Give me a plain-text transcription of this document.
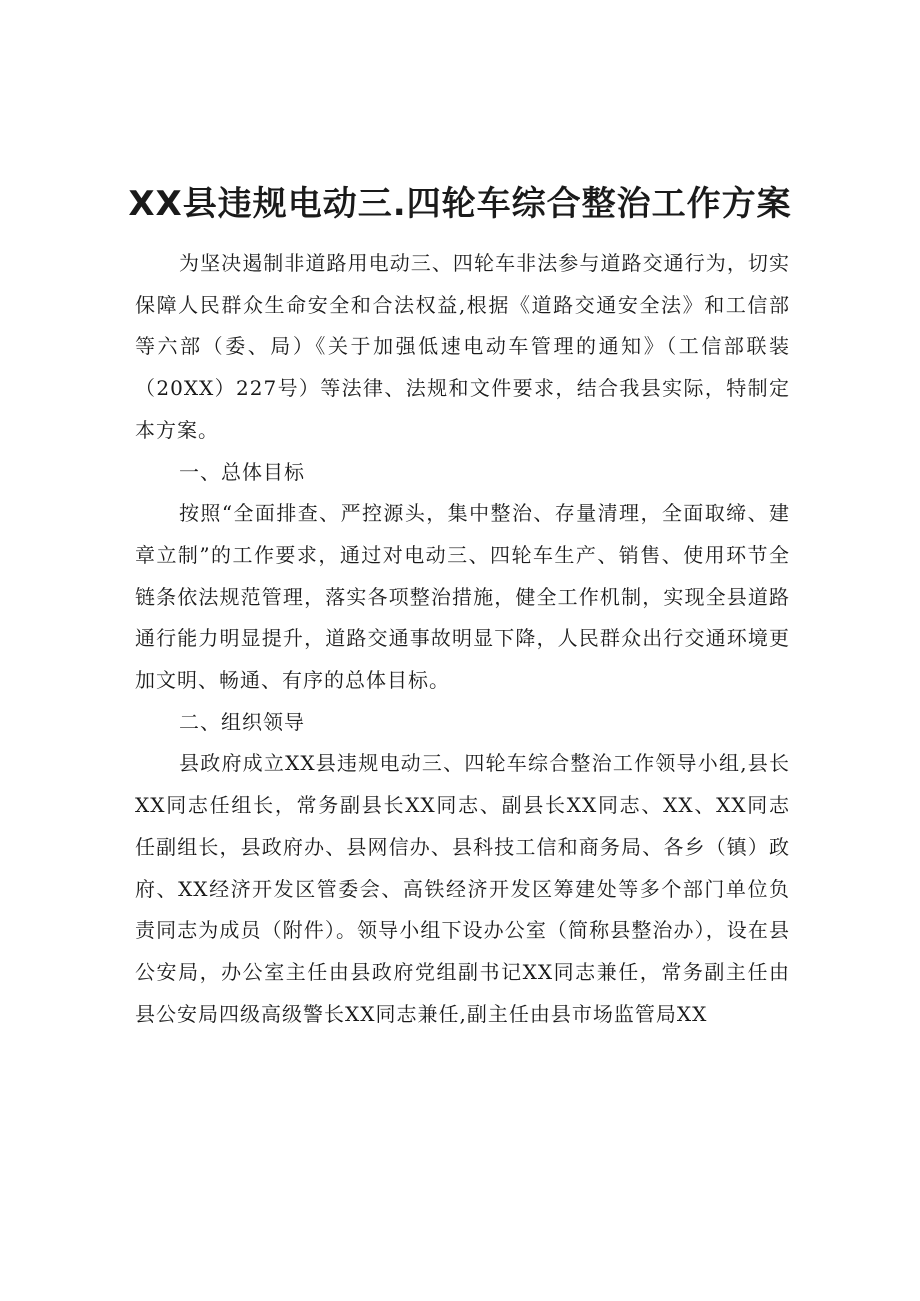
XX县违规电动三.四轮车综合整治工作方案

为坚决遏制非道路用电动三、四轮车非法参与道路交通行为，切实保障人民群众生命安全和合法权益,根据《道路交通安全法》和工信部等六部（委、局）《关于加强低速电动车管理的通知》（工信部联装（20XX）227号）等法律、法规和文件要求，结合我县实际，特制定本方案。

一、总体目标

按照“全面排查、严控源头，集中整治、存量清理，全面取缔、建章立制”的工作要求，通过对电动三、四轮车生产、销售、使用环节全链条依法规范管理，落实各项整治措施，健全工作机制，实现全县道路通行能力明显提升，道路交通事故明显下降，人民群众出行交通环境更加文明、畅通、有序的总体目标。

二、组织领导

县政府成立XX县违规电动三、四轮车综合整治工作领导小组,县长XX同志任组长，常务副县长XX同志、副县长XX同志、XX、XX同志任副组长，县政府办、县网信办、县科技工信和商务局、各乡（镇）政府、XX经济开发区管委会、高铁经济开发区筹建处等多个部门单位负责同志为成员（附件）。领导小组下设办公室（简称县整治办），设在县公安局，办公室主任由县政府党组副书记XX同志兼任，常务副主任由县公安局四级高级警长XX同志兼任,副主任由县市场监管局XX
